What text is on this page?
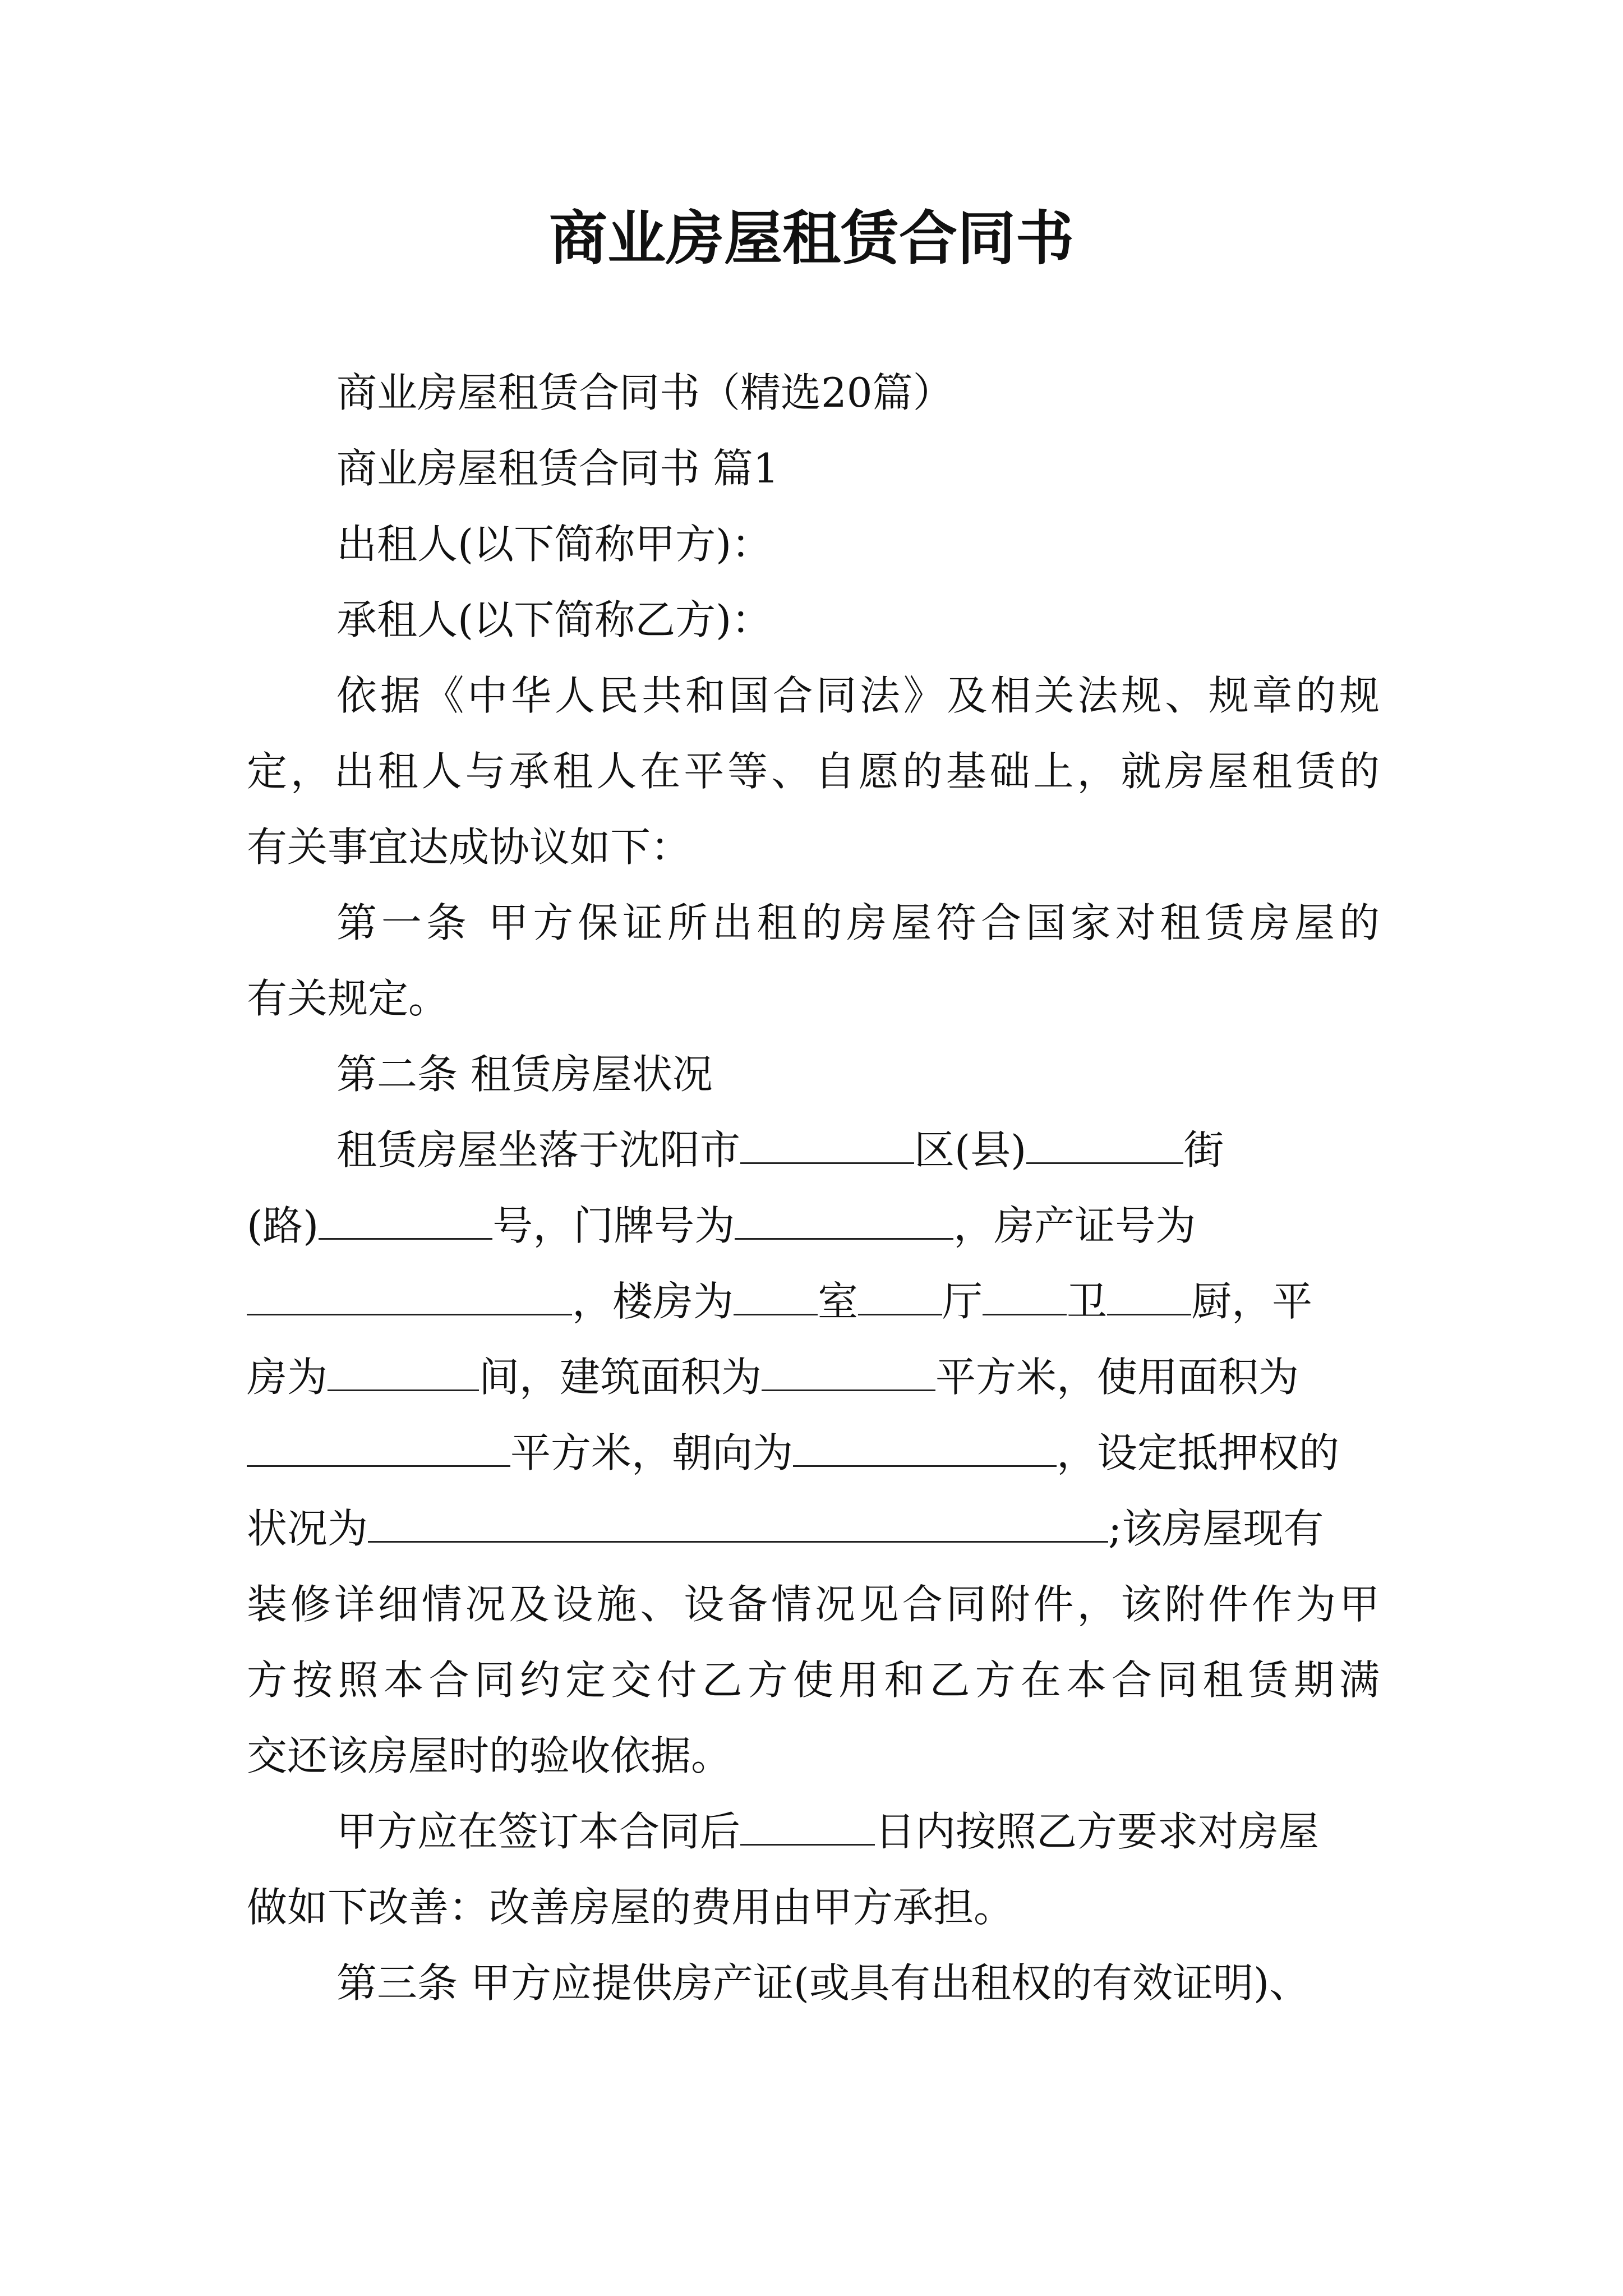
商业房屋租赁合同书

商业房屋租赁合同书（精选20篇）

商业房屋租赁合同书 篇1

出租人(以下简称甲方)：

承租人(以下简称乙方)：

依据《中华人民共和国合同法》及相关法规、规章的规

定，出租人与承租人在平等、自愿的基础上，就房屋租赁的

有关事宜达成协议如下：

第一条 甲方保证所出租的房屋符合国家对租赁房屋的

有关规定。

第二条 租赁房屋状况

租赁房屋坐落于沈阳市	区(县)	街
(路)	号，门牌号为	，房产证号为
，楼房为 室 厅 卫 厨，平
房为	间，建筑面积为	平方米，使用面积为
平方米，朝向为	，设定抵押权的
状况为	;该房屋现有

装修详细情况及设施、设备情况见合同附件，该附件作为甲

方按照本合同约定交付乙方使用和乙方在本合同租赁期满

交还该房屋时的验收依据。

甲方应在签订本合同后	日内按照乙方要求对房屋

做如下改善：改善房屋的费用由甲方承担。

第三条 甲方应提供房产证(或具有出租权的有效证明)、
